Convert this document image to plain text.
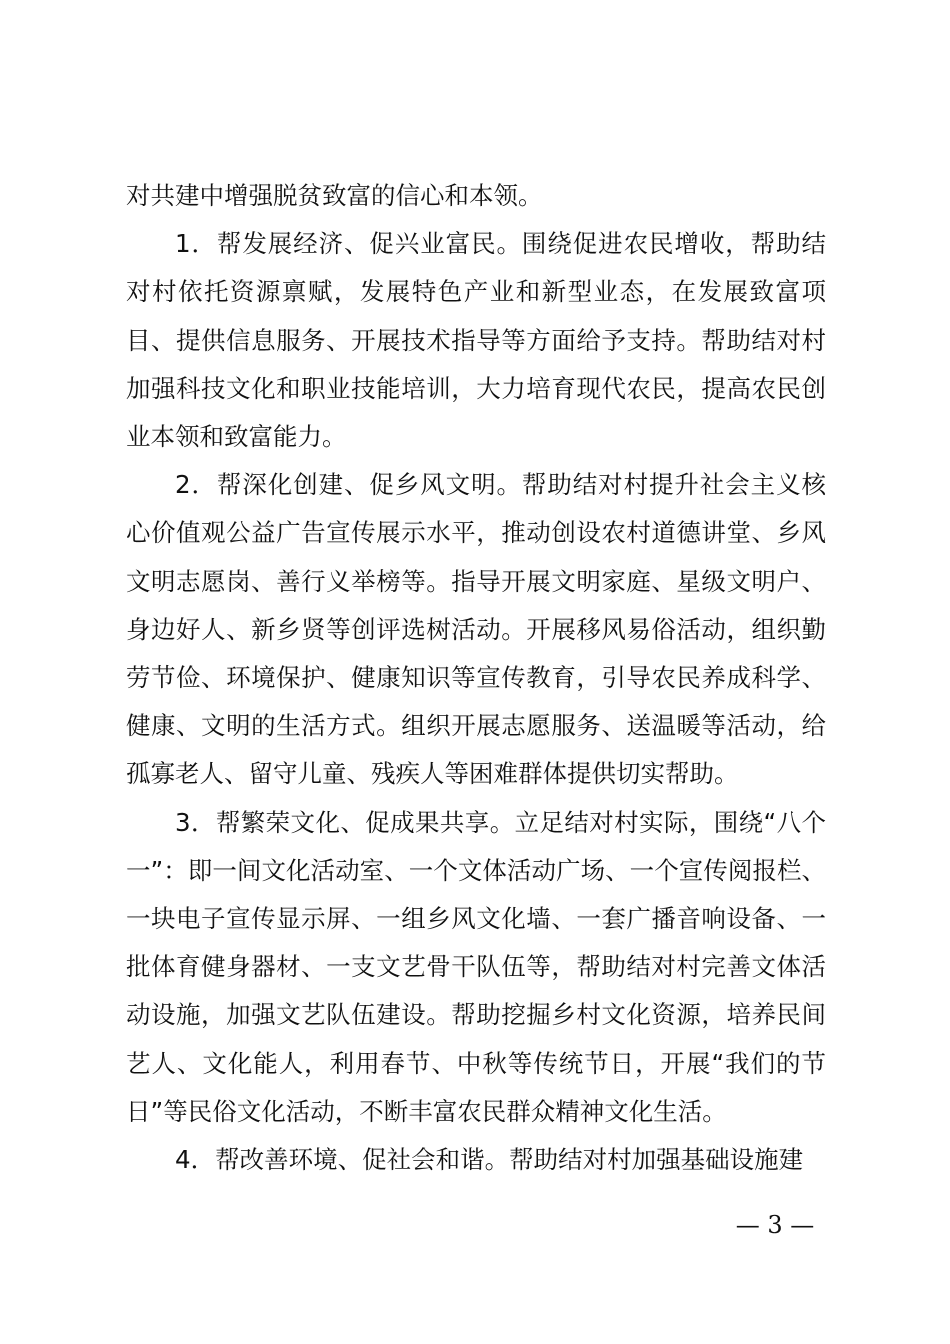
对共建中增强脱贫致富的信心和本领。

1．帮发展经济、促兴业富民。围绕促进农民增收，帮助结对村依托资源禀赋，发展特色产业和新型业态，在发展致富项目、提供信息服务、开展技术指导等方面给予支持。帮助结对村加强科技文化和职业技能培训，大力培育现代农民，提高农民创业本领和致富能力。

2．帮深化创建、促乡风文明。帮助结对村提升社会主义核心价值观公益广告宣传展示水平，推动创设农村道德讲堂、乡风文明志愿岗、善行义举榜等。指导开展文明家庭、星级文明户、身边好人、新乡贤等创评选树活动。开展移风易俗活动，组织勤劳节俭、环境保护、健康知识等宣传教育，引导农民养成科学、健康、文明的生活方式。组织开展志愿服务、送温暖等活动，给孤寡老人、留守儿童、残疾人等困难群体提供切实帮助。

3．帮繁荣文化、促成果共享。立足结对村实际，围绕“八个一”：即一间文化活动室、一个文体活动广场、一个宣传阅报栏、一块电子宣传显示屏、一组乡风文化墙、一套广播音响设备、一批体育健身器材、一支文艺骨干队伍等，帮助结对村完善文体活动设施，加强文艺队伍建设。帮助挖掘乡村文化资源，培养民间艺人、文化能人，利用春节、中秋等传统节日，开展“我们的节日”等民俗文化活动，不断丰富农民群众精神文化生活。

4．帮改善环境、促社会和谐。帮助结对村加强基础设施建

— 3 —
